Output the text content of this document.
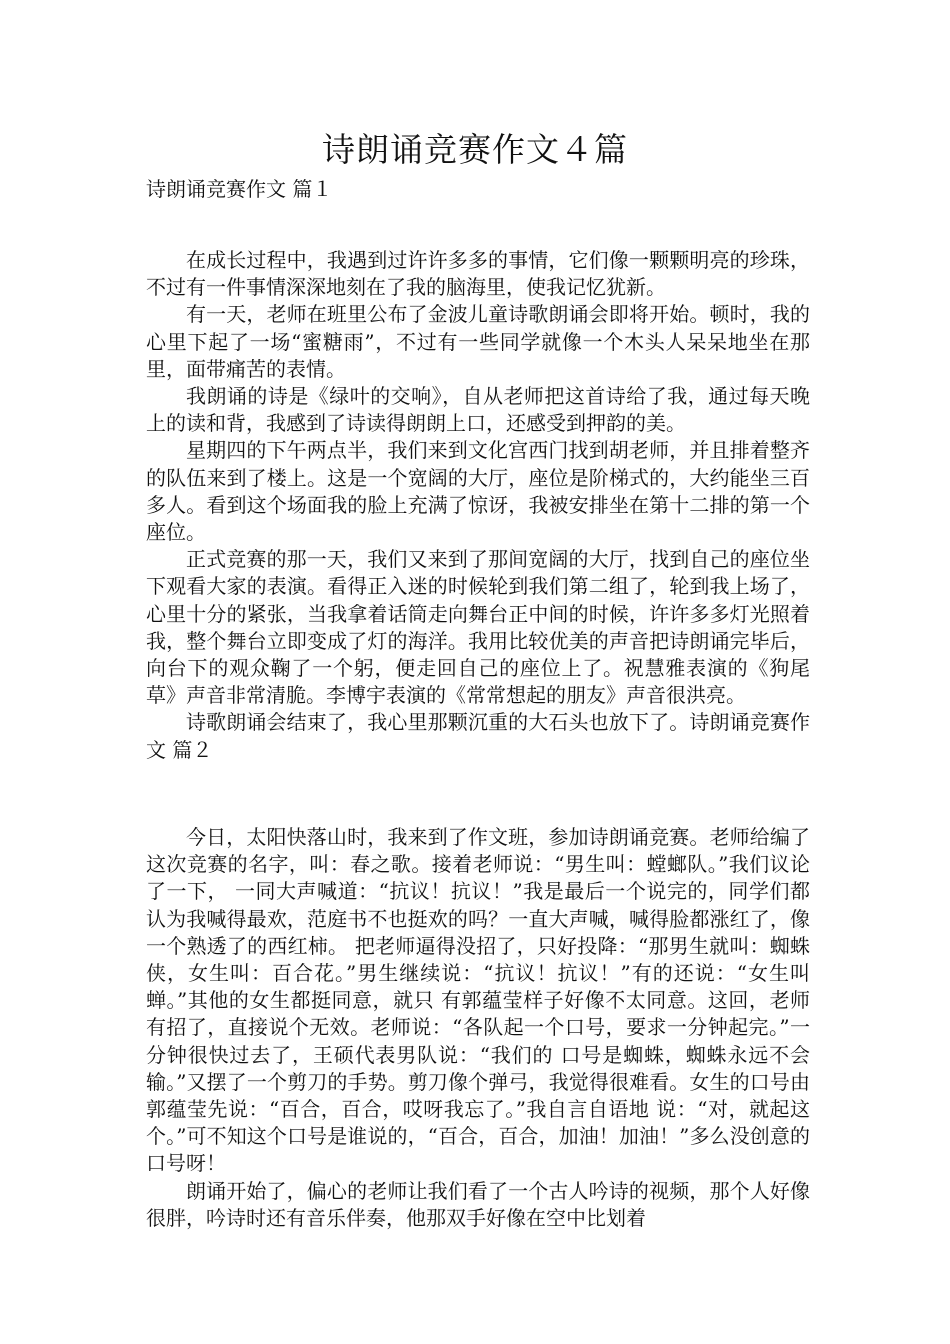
诗朗诵竞赛作文４篇
诗朗诵竞赛作文 篇１

在成长过程中，我遇到过许许多多的事情，它们像一颗颗明亮的珍珠，不过有一件事情深深地刻在了我的脑海里，使我记忆犹新。

有一天，老师在班里公布了金波儿童诗歌朗诵会即将开始。顿时，我的心里下起了一场“蜜糖雨”，不过有一些同学就像一个木头人呆呆地坐在那里，面带痛苦的表情。

我朗诵的诗是《绿叶的交响》，自从老师把这首诗给了我，通过每天晚上的读和背，我感到了诗读得朗朗上口，还感受到押韵的美。

星期四的下午两点半，我们来到文化宫西门找到胡老师，并且排着整齐的队伍来到了楼上。这是一个宽阔的大厅，座位是阶梯式的，大约能坐三百多人。看到这个场面我的脸上充满了惊讶，我被安排坐在第十二排的第一个座位。

正式竞赛的那一天，我们又来到了那间宽阔的大厅，找到自己的座位坐下观看大家的表演。看得正入迷的时候轮到我们第二组了，轮到我上场了，心里十分的紧张，当我拿着话筒走向舞台正中间的时候，许许多多灯光照着我，整个舞台立即变成了灯的海洋。我用比较优美的声音把诗朗诵完毕后，向台下的观众鞠了一个躬，便走回自己的座位上了。祝慧雅表演的《狗尾草》声音非常清脆。李博宇表演的《常常想起的朋友》声音很洪亮。

诗歌朗诵会结束了，我心里那颗沉重的大石头也放下了。诗朗诵竞赛作文 篇２

今日，太阳快落山时，我来到了作文班，参加诗朗诵竞赛。老师给编了这次竞赛的名字，叫：春之歌。接着老师说：“男生叫：螳螂队。”我们议论了一下， 一同大声喊道：“抗议！抗议！”我是最后一个说完的，同学们都认为我喊得最欢，范庭书不也挺欢的吗？一直大声喊，喊得脸都涨红了，像一个熟透了的西红柿。 把老师逼得没招了，只好投降：“那男生就叫：蜘蛛侠，女生叫：百合花。”男生继续说：“抗议！抗议！”有的还说：“女生叫蝉。”其他的女生都挺同意，就只 有郭蕴莹样子好像不太同意。这回，老师有招了，直接说个无效。老师说：“各队起一个口号，要求一分钟起完。”一分钟很快过去了，王硕代表男队说：“我们的 口号是蜘蛛，蜘蛛永远不会输。”又摆了一个剪刀的手势。剪刀像个弹弓，我觉得很难看。女生的口号由郭蕴莹先说：“百合，百合，哎呀我忘了。”我自言自语地 说：“对，就起这个。”可不知这个口号是谁说的，“百合，百合，加油！加油！”多么没创意的口号呀！

朗诵开始了，偏心的老师让我们看了一个古人吟诗的视频，那个人好像很胖，吟诗时还有音乐伴奏，他那双手好像在空中比划着
